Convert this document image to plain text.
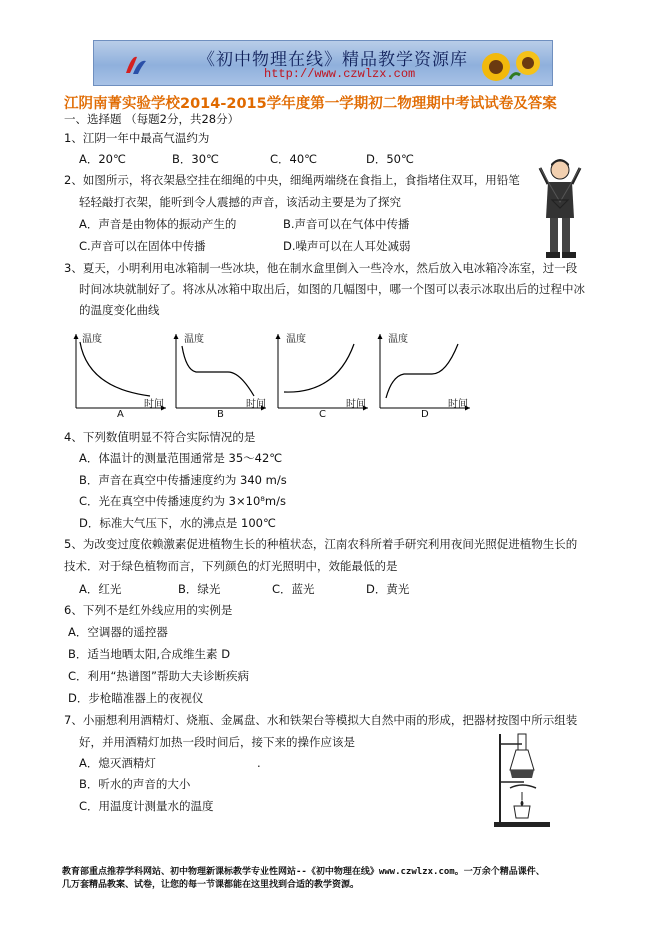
《初中物理在线》精品教学资源库
http://www.czwlzx.com
江阴南菁实验学校2014-2015学年度第一学期初二物理期中考试试卷及答案
一、选择题 （每题2分，共28分）
1、江阴一年中最高气温约为
A．20℃	B．30℃	C．40℃	D．50℃
2、如图所示，将衣架悬空挂在细绳的中央，细绳两端绕在食指上，食指堵住双耳，用铅笔
轻轻敲打衣架，能听到令人震撼的声音，该活动主要是为了探究
A．声音是由物体的振动产生的	B.声音可以在气体中传播
C.声音可以在固体中传播	D.噪声可以在人耳处减弱
3、夏天，小明利用电冰箱制一些冰块，他在制水盒里倒入一些冷水，然后放入电冰箱冷冻室，过一段
时间冰块就制好了。将冰从冰箱中取出后，如图的几幅图中，哪一个图可以表示冰取出后的过程中冰
的温度变化曲线
温度
时间
A
温度
时间
B
温度
时间
C
温度
时间
D
4、下列数值明显不符合实际情况的是
A．体温计的测量范围通常是 35～42℃
B．声音在真空中传播速度约为 340 m/s
C．光在真空中传播速度约为 3×10⁸m/s
D．标准大气压下，水的沸点是 100℃
5、为改变过度依赖激素促进植物生长的种植状态，江南农科所着手研究利用夜间光照促进植物生长的
技术．对于绿色植物而言，下列颜色的灯光照明中，效能最低的是
A．红光	B．绿光	C．蓝光	D．黄光
6、下列不是红外线应用的实例是
A．空调器的遥控器
B．适当地晒太阳,合成维生素 D
C．利用“热谱图”帮助大夫诊断疾病
D．步枪瞄准器上的夜视仪
7、小丽想利用酒精灯、烧瓶、金属盘、水和铁架台等模拟大自然中雨的形成，把器材按图中所示组装
好，并用酒精灯加热一段时间后，接下来的操作应该是
A．熄灭酒精灯	.
B．听水的声音的大小
C．用温度计测量水的温度
教育部重点推荐学科网站、初中物理新课标教学专业性网站--《初中物理在线》www.czwlzx.com。一万余个精品课件、
几万套精品教案、试卷，让您的每一节课都能在这里找到合适的教学资源。
